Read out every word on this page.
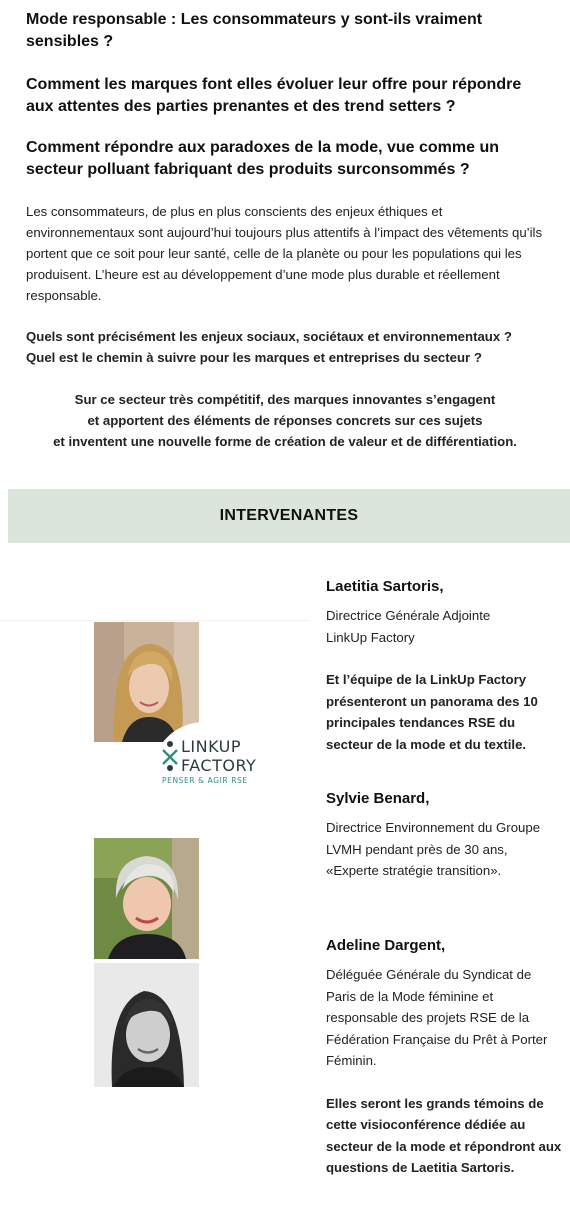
Mode responsable : Les consommateurs y sont-ils vraiment sensibles ?
Comment les marques font elles évoluer leur offre pour répondre aux attentes des parties prenantes et des trend setters ?
Comment répondre aux paradoxes de la mode, vue comme un secteur polluant fabriquant des produits surconsommés ?

Les consommateurs, de plus en plus conscients des enjeux éthiques et environnementaux sont aujourd’hui toujours plus attentifs à l’impact des vêtements qu’ils portent que ce soit pour leur santé, celle de la planète ou pour les populations qui les produisent. L’heure est au développement d’une mode plus durable et réellement responsable.

Quels sont précisément les enjeux sociaux, sociétaux et environnementaux ?
Quel est le chemin à suivre pour les marques et entreprises du secteur ?
Sur ce secteur très compétitif, des marques innovantes s’engagent
et apportent des éléments de réponses concrets sur ces sujets
et inventent une nouvelle forme de création de valeur et de différentiation.
INTERVENANTES
LINKUP
FACTORY
PENSER & AGIR RSE
Laetitia Sartoris,
Directrice Générale Adjointe
LinkUp Factory
Et l’équipe de la LinkUp Factory présenteront un panorama des 10 principales tendances RSE du secteur de la mode et du textile.
Sylvie Benard,
Directrice Environnement du Groupe LVMH pendant près de 30 ans, «Experte stratégie transition».
Adeline Dargent,
Déléguée Générale du Syndicat de Paris de la Mode féminine et responsable des projets RSE de la Fédération Française du Prêt à Porter Féminin.
Elles seront les grands témoins de cette visioconférence dédiée au secteur de la mode et répondront aux questions de Laetitia Sartoris.
